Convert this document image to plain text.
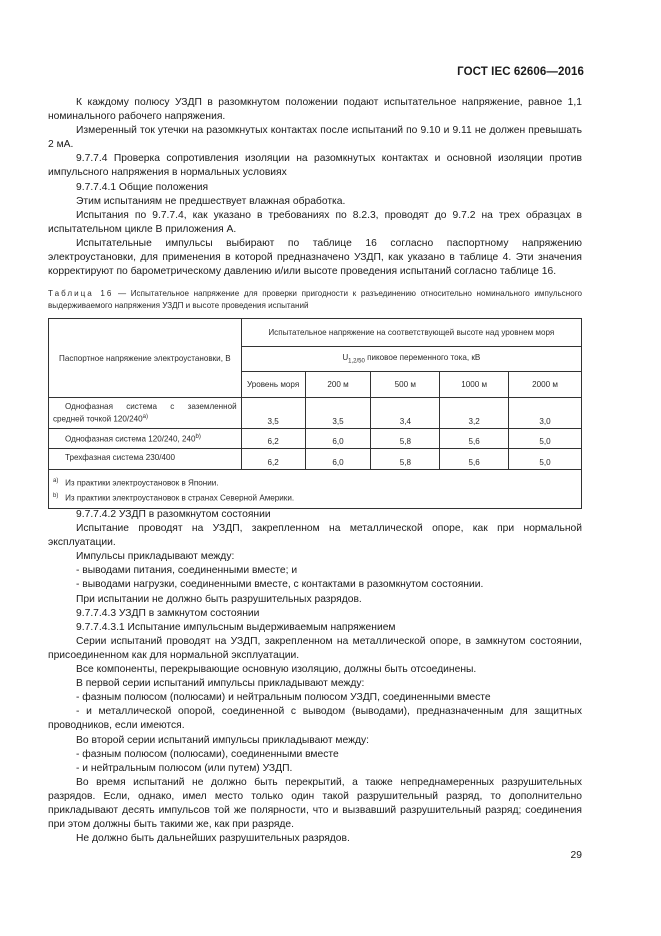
ГОСТ IEC 62606—2016

К каждому полюсу УЗДП в разомкнутом положении подают испытательное напряжение, равное 1,1 номинального рабочего напряжения.

Измеренный ток утечки на разомкнутых контактах после испытаний по 9.10 и 9.11 не должен превышать 2 мА.

9.7.7.4 Проверка сопротивления изоляции на разомкнутых контактах и основной изоляции против импульсного напряжения в нормальных условиях

9.7.7.4.1 Общие положения

Этим испытаниям не предшествует влажная обработка.

Испытания по 9.7.7.4, как указано в требованиях по 8.2.3, проводят до 9.7.2 на трех образцах в испытательном цикле В приложения А.

Испытательные импульсы выбирают по таблице 16 согласно паспортному напряжению электроустановки, для применения в которой предназначено УЗДП, как указано в таблице 4. Эти значения корректируют по барометрическому давлению и/или высоте проведения испытаний согласно таблице 16.

Таблица 16 — Испытательное напряжение для проверки пригодности к разъединению относительно номинального импульсного выдерживаемого напряжения УЗДП и высоте проведения испытаний
Паспортное напряжение электроустановки, В	Испытательное напряжение на соответствующей высоте над уровнем моря				
	$U_{1,2/50}$ пиковое переменного тока, кВ				
	Уровень моря	200 м	500 м	1000 м	2000 м
Однофазная система с заземленной средней точкой 120/240$^{a)}$	3,5	3,5	3,4	3,2	3,0
Однофазная система 120/240, 240$^{b)}$	6,2	6,0	5,8	5,6	5,0
Трехфазная система 230/400	6,2	6,0	5,8	5,6	5,0

$^{a)}$ Из практики электроустановок в Японии.
$^{b)}$ Из практики электроустановок в странах Северной Америки.					

9.7.7.4.2 УЗДП в разомкнутом состоянии

Испытание проводят на УЗДП, закрепленном на металлической опоре, как при нормальной эксплуатации.

Импульсы прикладывают между:

- выводами питания, соединенными вместе; и

- выводами нагрузки, соединенными вместе, с контактами в разомкнутом состоянии.

При испытании не должно быть разрушительных разрядов.

9.7.7.4.3 УЗДП в замкнутом состоянии

9.7.7.4.3.1 Испытание импульсным выдерживаемым напряжением

Серии испытаний проводят на УЗДП, закрепленном на металлической опоре, в замкнутом состоянии, присоединенном как для нормальной эксплуатации.

Все компоненты, перекрывающие основную изоляцию, должны быть отсоединены.

В первой серии испытаний импульсы прикладывают между:

- фазным полюсом (полюсами) и нейтральным полюсом УЗДП, соединенными вместе

- и металлической опорой, соединенной с выводом (выводами), предназначенным для защитных проводников, если имеются.

Во второй серии испытаний импульсы прикладывают между:

- фазным полюсом (полюсами), соединенными вместе

- и нейтральным полюсом (или путем) УЗДП.

Во время испытаний не должно быть перекрытий, а также непреднамеренных разрушительных разрядов. Если, однако, имел место только один такой разрушительный разряд, то дополнительно прикладывают десять импульсов той же полярности, что и вызвавший разрушительный разряд; соединения при этом должны быть такими же, как при разряде.

Не должно быть дальнейших разрушительных разрядов.

29
